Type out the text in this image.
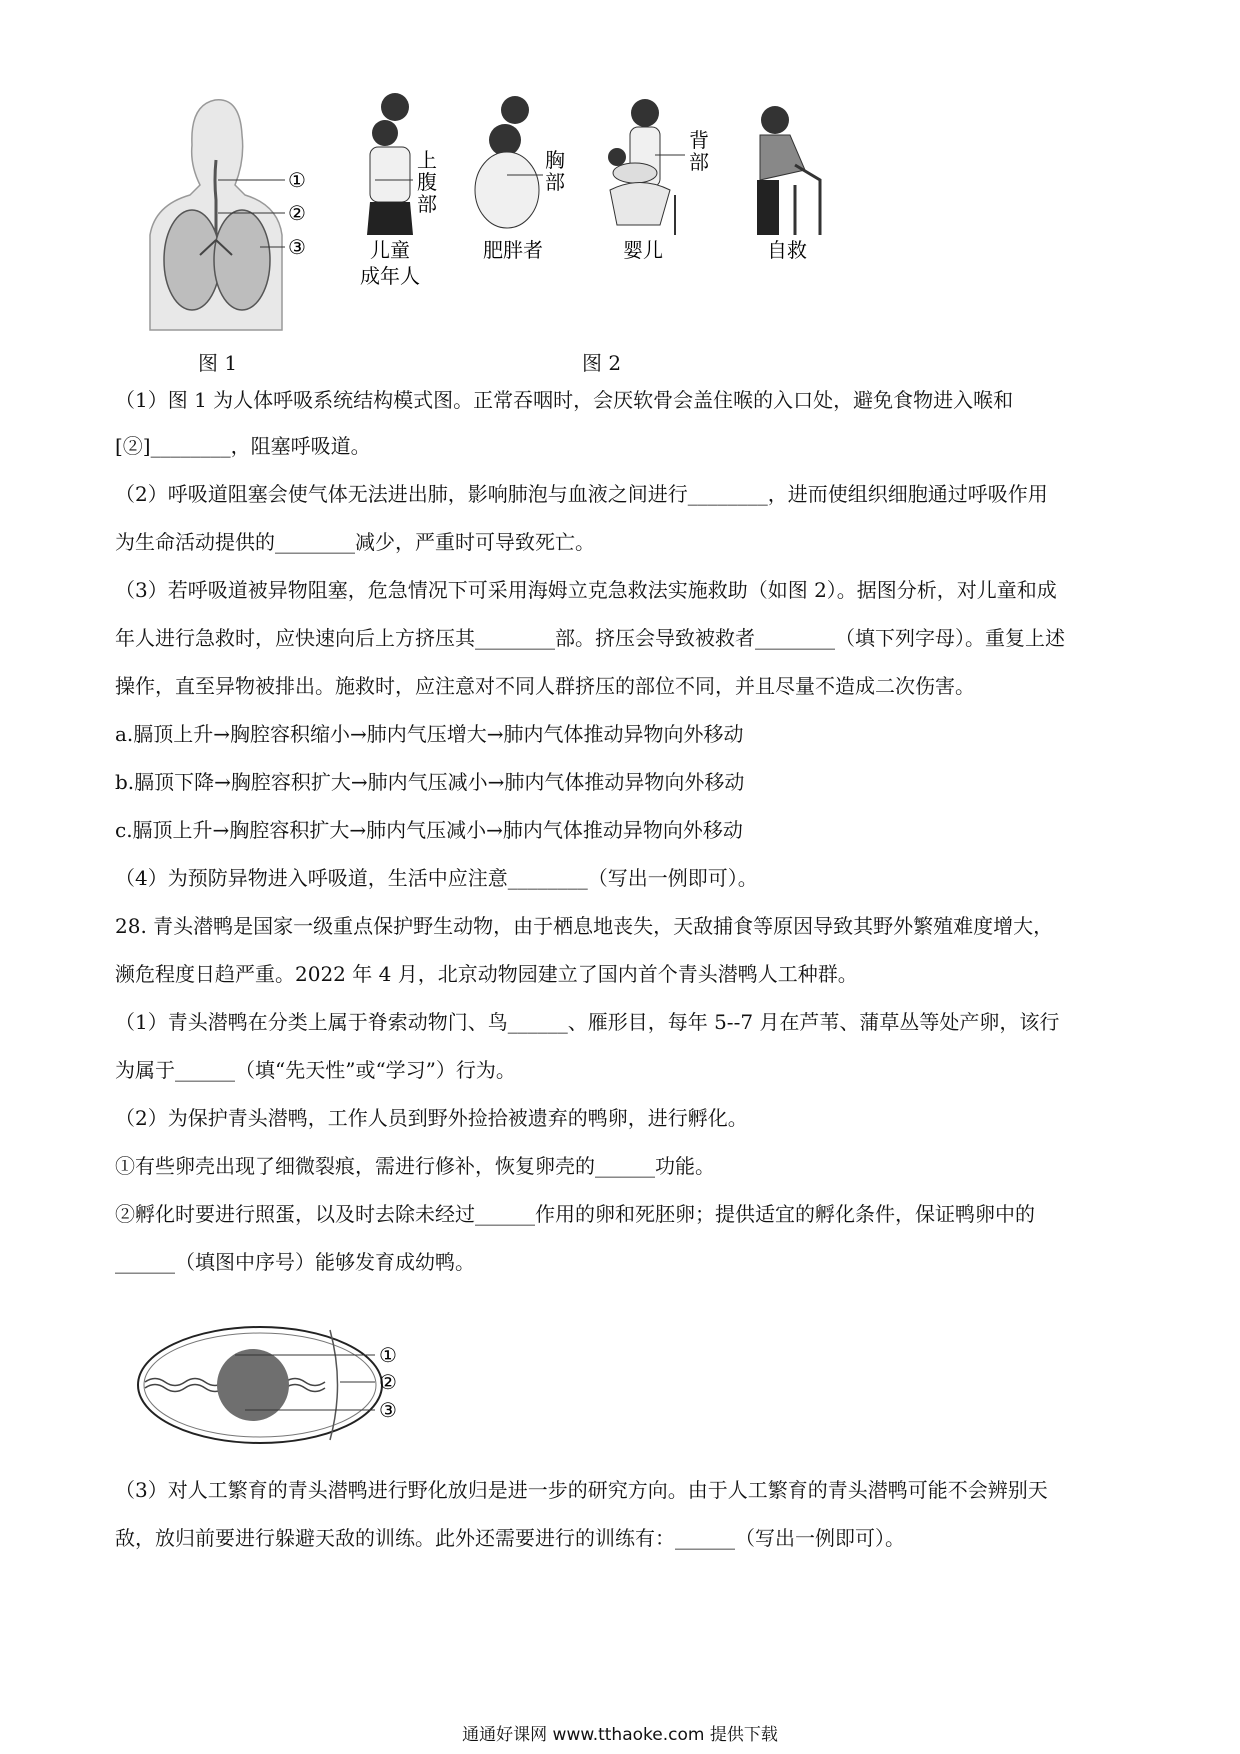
①
②
③
上
腹
部
儿童
成年人
胸
部
肥胖者
背
部
婴儿	自救
图 1	图 2
（1）图 1 为人体呼吸系统结构模式图。正常吞咽时，会厌软骨会盖住喉的入口处，避免食物进入喉和
[②]________，阻塞呼吸道。
（2）呼吸道阻塞会使气体无法进出肺，影响肺泡与血液之间进行________，进而使组织细胞通过呼吸作用
为生命活动提供的________减少，严重时可导致死亡。
（3）若呼吸道被异物阻塞，危急情况下可采用海姆立克急救法实施救助（如图 2）。据图分析，对儿童和成
年人进行急救时，应快速向后上方挤压其________部。挤压会导致被救者________（填下列字母）。重复上述
操作，直至异物被排出。施救时，应注意对不同人群挤压的部位不同，并且尽量不造成二次伤害。
a.膈顶上升→胸腔容积缩小→肺内气压增大→肺内气体推动异物向外移动
b.膈顶下降→胸腔容积扩大→肺内气压减小→肺内气体推动异物向外移动
c.膈顶上升→胸腔容积扩大→肺内气压减小→肺内气体推动异物向外移动
（4）为预防异物进入呼吸道，生活中应注意________（写出一例即可）。
28. 青头潜鸭是国家一级重点保护野生动物，由于栖息地丧失，天敌捕食等原因导致其野外繁殖难度增大，
濒危程度日趋严重。2022 年 4 月，北京动物园建立了国内首个青头潜鸭人工种群。
（1）青头潜鸭在分类上属于脊索动物门、鸟______、雁形目，每年 5--7 月在芦苇、蒲草丛等处产卵，该行
为属于______（填“先天性”或“学习”）行为。
（2）为保护青头潜鸭，工作人员到野外捡拾被遗弃的鸭卵，进行孵化。
①有些卵壳出现了细微裂痕，需进行修补，恢复卵壳的______功能。
②孵化时要进行照蛋，以及时去除未经过______作用的卵和死胚卵；提供适宜的孵化条件，保证鸭卵中的
______（填图中序号）能够发育成幼鸭。
（3）对人工繁育的青头潜鸭进行野化放归是进一步的研究方向。由于人工繁育的青头潜鸭可能不会辨别天
敌，放归前要进行躲避天敌的训练。此外还需要进行的训练有：______（写出一例即可）。
①
②
③
通通好课网 www.tthaoke.com 提供下载
